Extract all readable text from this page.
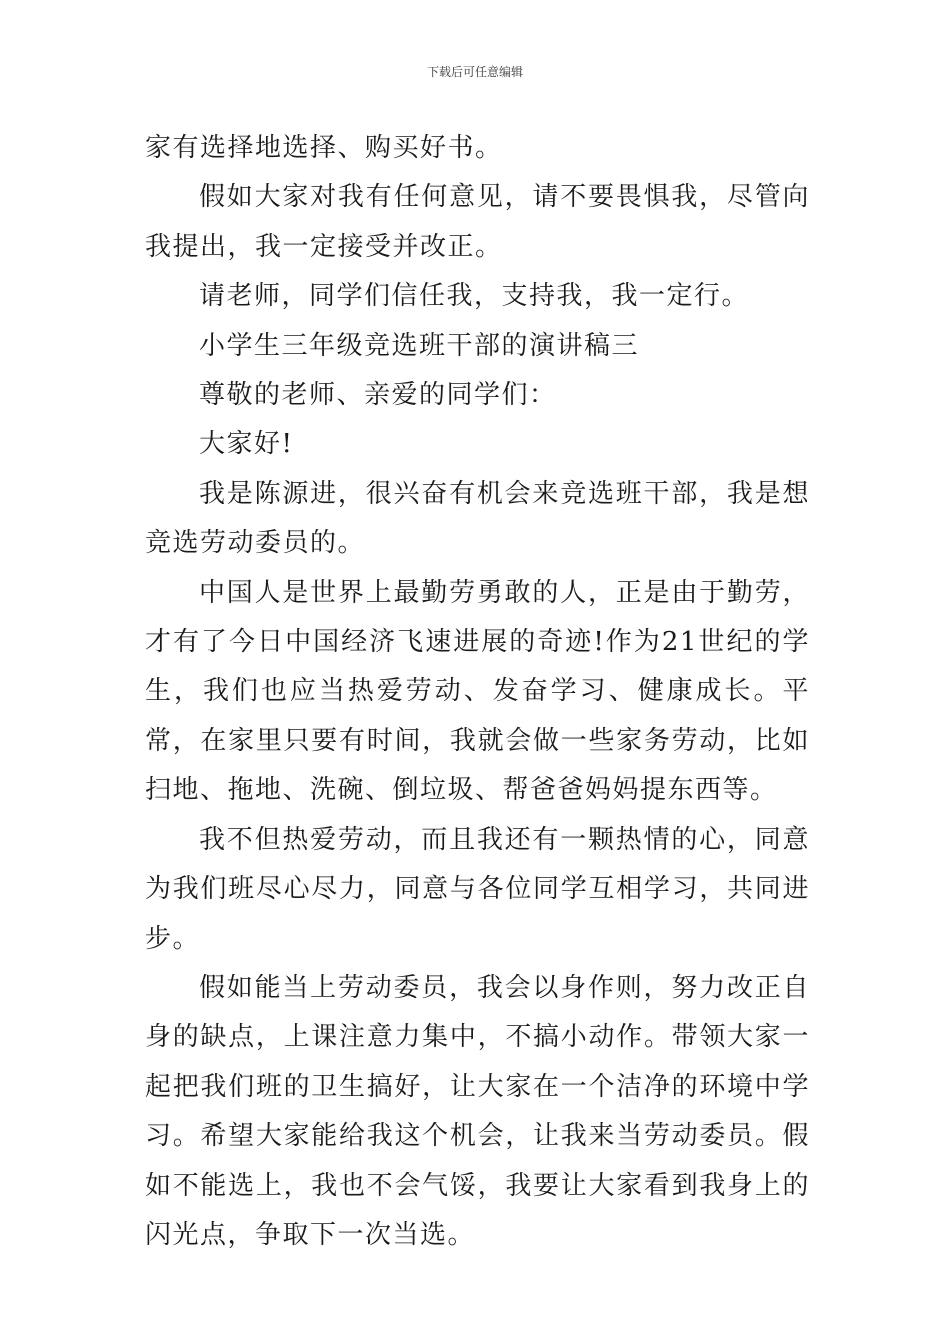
下载后可任意编辑

家有选择地选择、购买好书。

假如大家对我有任何意见，请不要畏惧我，尽管向我提出，我一定接受并改正。

请老师，同学们信任我，支持我，我一定行。

小学生三年级竞选班干部的演讲稿三

尊敬的老师、亲爱的同学们：

大家好!

我是陈源进，很兴奋有机会来竞选班干部，我是想竞选劳动委员的。

中国人是世界上最勤劳勇敢的人，正是由于勤劳，才有了今日中国经济飞速进展的奇迹!作为21世纪的学生，我们也应当热爱劳动、发奋学习、健康成长。平常，在家里只要有时间，我就会做一些家务劳动，比如扫地、拖地、洗碗、倒垃圾、帮爸爸妈妈提东西等。

我不但热爱劳动，而且我还有一颗热情的心，同意为我们班尽心尽力，同意与各位同学互相学习，共同进步。

假如能当上劳动委员，我会以身作则，努力改正自身的缺点，上课注意力集中，不搞小动作。带领大家一起把我们班的卫生搞好，让大家在一个洁净的环境中学习。希望大家能给我这个机会，让我来当劳动委员。假如不能选上，我也不会气馁，我要让大家看到我身上的闪光点，争取下一次当选。
